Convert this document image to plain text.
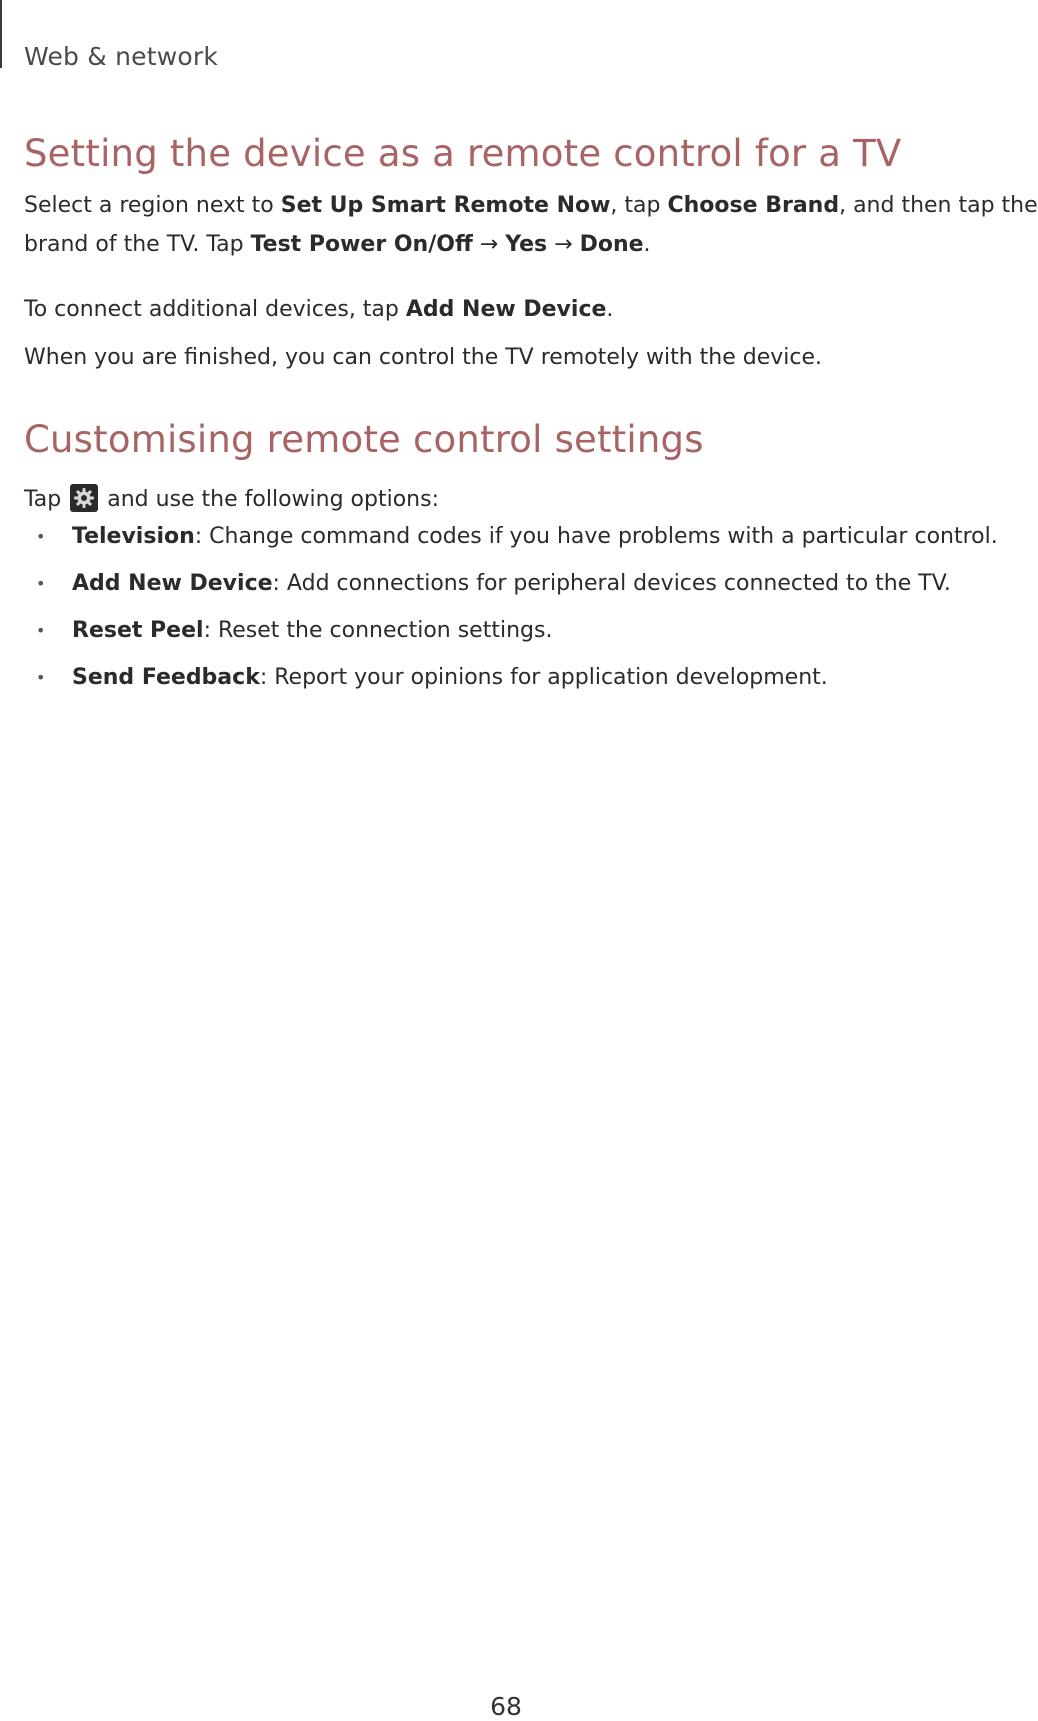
Web & network
Setting the device as a remote control for a TV

Select a region next to Set Up Smart Remote Now, tap Choose Brand, and then tap the
brand of the TV. Tap Test Power On/Off → Yes → Done.

To connect additional devices, tap Add New Device.

When you are finished, you can control the TV remotely with the device.

Customising remote control settings

Tap  and use the following options:

• Television: Change command codes if you have problems with a particular control.
• Add New Device: Add connections for peripheral devices connected to the TV.
• Reset Peel: Reset the connection settings.
• Send Feedback: Report your opinions for application development.
68
